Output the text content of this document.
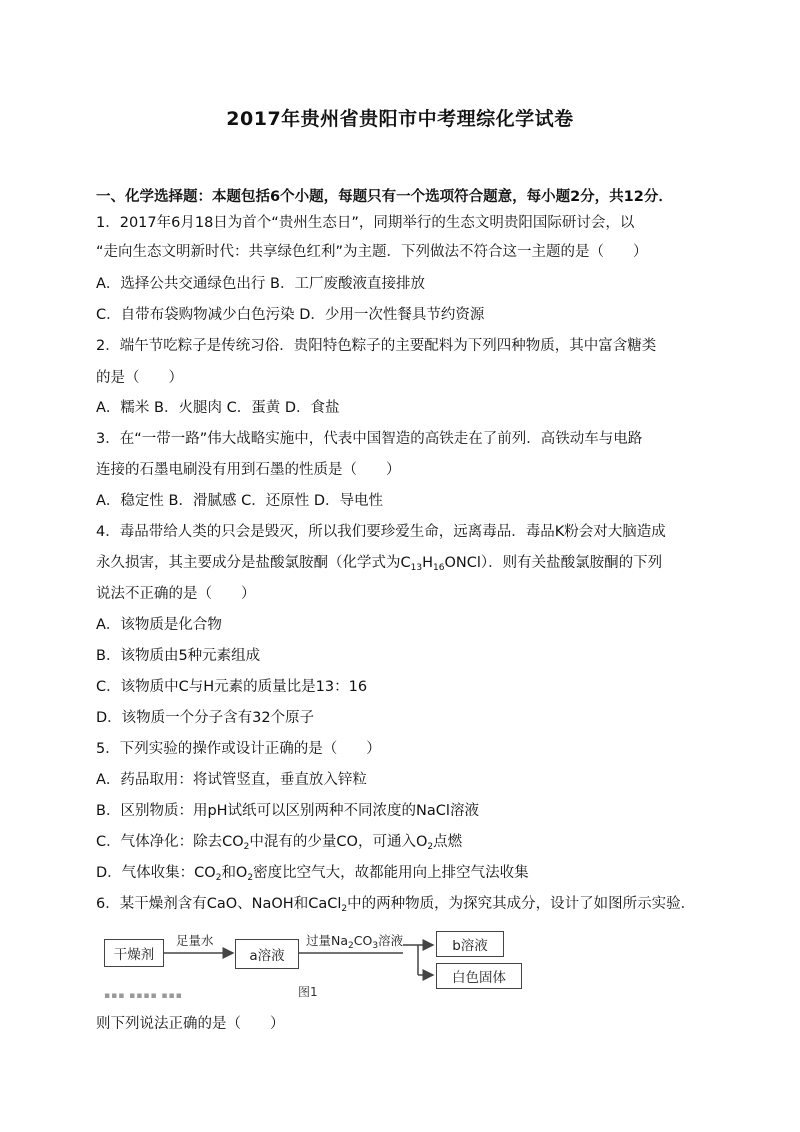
2017年贵州省贵阳市中考理综化学试卷
一、化学选择题：本题包括6个小题，每题只有一个选项符合题意，每小题2分，共12分．
1．2017年6月18日为首个“贵州生态日”，同期举行的生态文明贵阳国际研讨会，以
“走向生态文明新时代：共享绿色红利”为主题．下列做法不符合这一主题的是（　　）
A．选择公共交通绿色出行 B．工厂废酸液直接排放
C．自带布袋购物减少白色污染 D．少用一次性餐具节约资源
2．端午节吃粽子是传统习俗．贵阳特色粽子的主要配料为下列四种物质，其中富含糖类
的是（　　）
A．糯米 B．火腿肉 C．蛋黄 D．食盐
3．在“一带一路”伟大战略实施中，代表中国智造的高铁走在了前列．高铁动车与电路
连接的石墨电刷没有用到石墨的性质是（　　）
A．稳定性 B．滑腻感 C．还原性 D．导电性
4．毒品带给人类的只会是毁灭，所以我们要珍爱生命，远离毒品．毒品K粉会对大脑造成
永久损害，其主要成分是盐酸氯胺酮（化学式为$C_{13}H_{16}ONCl$）．则有关盐酸氯胺酮的下列
说法不正确的是（　　）
A．该物质是化合物
B．该物质由5种元素组成
C．该物质中C与H元素的质量比是13：16
D．该物质一个分子含有32个原子
5．下列实验的操作或设计正确的是（　　）
A．药品取用：将试管竖直，垂直放入锌粒
B．区别物质：用pH试纸可以区别两种不同浓度的NaCl溶液
C．气体净化：除去$CO_2$中混有的少量CO，可通入$O_2$点燃
D．气体收集：$CO_2$和$O_2$密度比空气大，故都能用向上排空气法收集
6．某干燥剂含有CaO、NaOH和CaCl$_2$中的两种物质，为探究其成分，设计了如图所示实验．
干燥剂
足量水
a溶液
过量$Na_2CO_3$溶液	b溶液
白色固体
图1
▪▪▪ ▪▪▪▪ ▪▪▪
则下列说法正确的是（　　）
